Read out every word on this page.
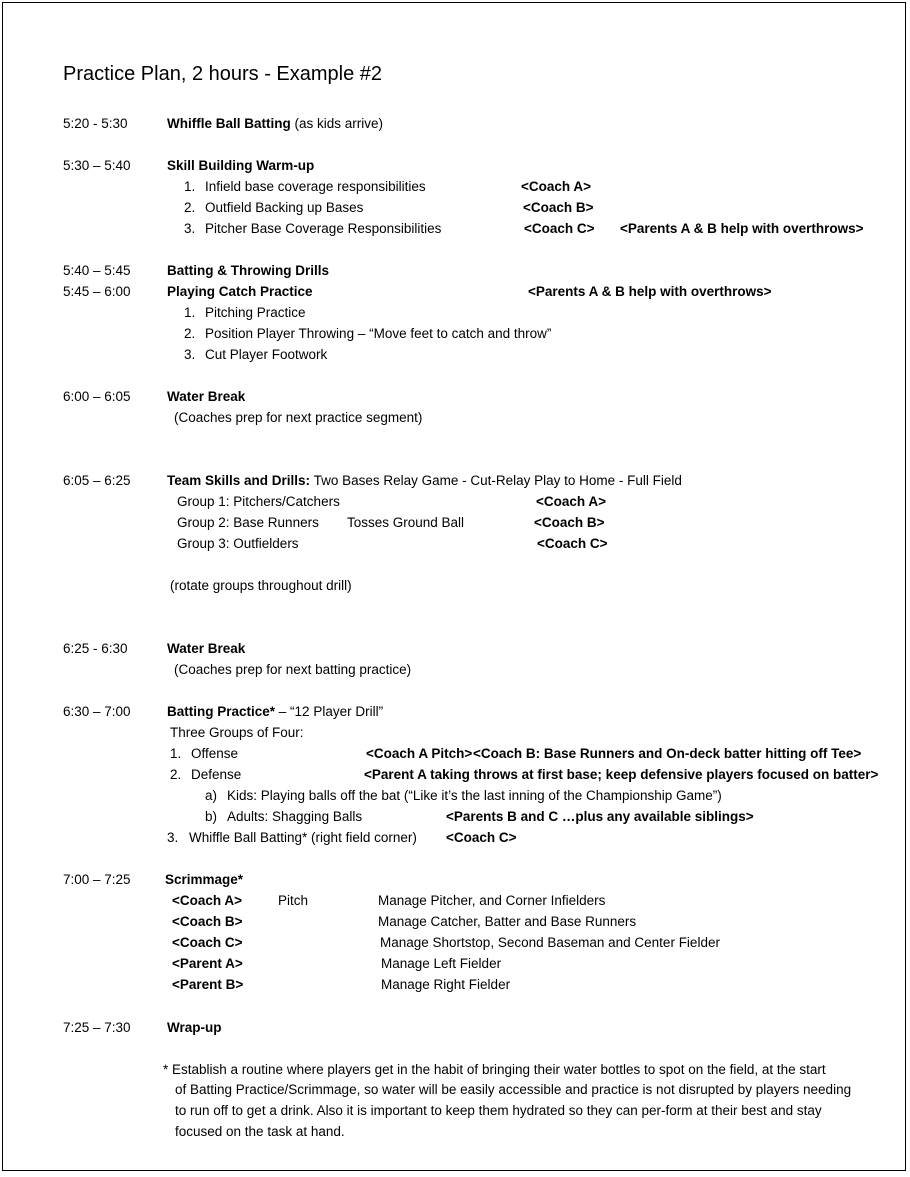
Practice Plan, 2 hours - Example #2
5:20 - 5:30	Whiffle Ball Batting (as kids arrive)
5:30 – 5:40	Skill Building Warm-up
1. Infield base coverage responsibilities	<Coach A>
2. Outfield Backing up Bases	<Coach B>
3. Pitcher Base Coverage Responsibilities	<Coach C> <Parents A & B help with overthrows>
5:40 – 5:45	Batting & Throwing Drills
5:45 – 6:00	Playing Catch Practice	<Parents A & B help with overthrows>
1. Pitching Practice
2. Position Player Throwing – “Move feet to catch and throw”
3. Cut Player Footwork
6:00 – 6:05	Water Break
(Coaches prep for next practice segment)
6:05 – 6:25	Team Skills and Drills: Two Bases Relay Game - Cut-Relay Play to Home - Full Field
Group 1: Pitchers/Catchers	<Coach A>
Group 2: Base Runners Tosses Ground Ball	<Coach B>
Group 3: Outfielders	<Coach C>
(rotate groups throughout drill)
6:25 - 6:30	Water Break
(Coaches prep for next batting practice)
6:30 – 7:00	Batting Practice* – “12 Player Drill”
Three Groups of Four:
1. Offense	<Coach A Pitch> <Coach B: Base Runners and On-deck batter hitting off Tee>
2. Defense	<Parent A taking throws at first base; keep defensive players focused on batter>
a) Kids: Playing balls off the bat (“Like it’s the last inning of the Championship Game”)
b) Adults: Shagging Balls	<Parents B and C …plus any available siblings>
3. Whiffle Ball Batting* (right field corner) <Coach C>
7:00 – 7:25	Scrimmage*
<Coach A>	Pitch	Manage Pitcher, and Corner Infielders
<Coach B>	Manage Catcher, Batter and Base Runners
<Coach C>	Manage Shortstop, Second Baseman and Center Fielder
<Parent A>	Manage Left Fielder
<Parent B>	Manage Right Fielder
7:25 – 7:30	Wrap-up
* Establish a routine where players get in the habit of bringing their water bottles to spot on the field, at the start
of Batting Practice/Scrimmage, so water will be easily accessible and practice is not disrupted by players needing
to run off to get a drink. Also it is important to keep them hydrated so they can per-form at their best and stay
focused on the task at hand.
